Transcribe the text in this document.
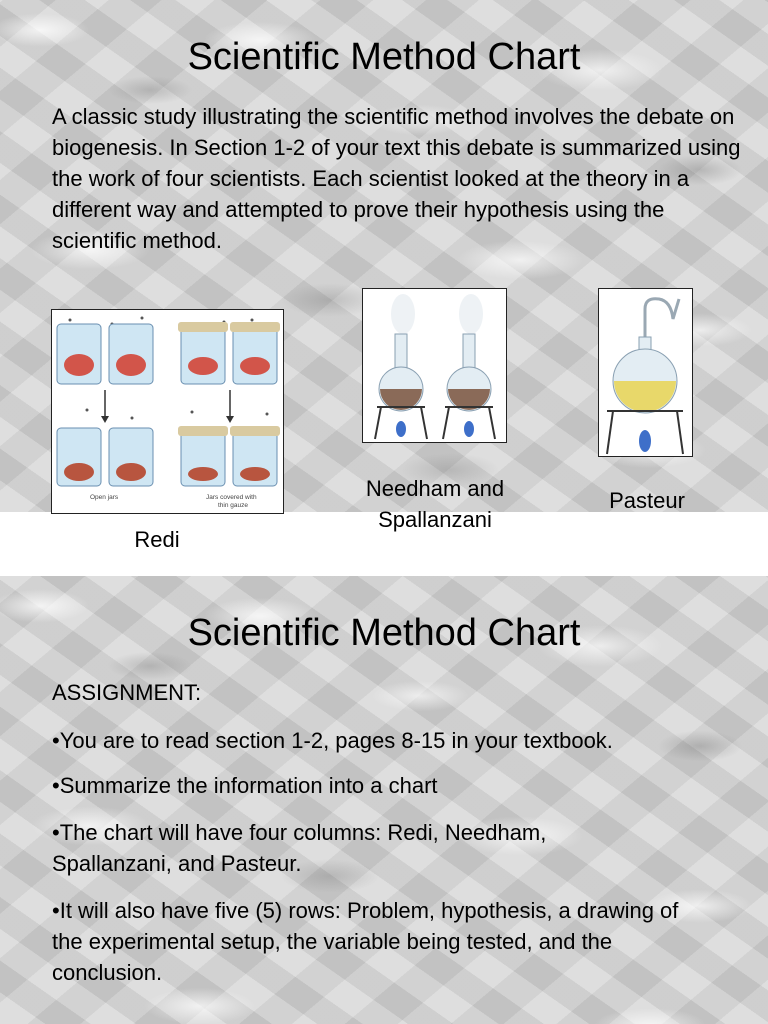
Scientific Method Chart
A classic study illustrating the scientific method involves the debate on biogenesis. In Section 1-2 of your text this debate is summarized using the work of four scientists. Each scientist looked at the theory in a different way and attempted to prove their hypothesis using the scientific method.
Open jars	Jars covered with
thin gauze
Redi
Needham and
Spallanzani
Pasteur
Scientific Method Chart
ASSIGNMENT:
•You are to read section 1-2, pages 8-15 in your textbook.
•Summarize the information into a chart
•The chart will have four columns: Redi, Needham, Spallanzani, and Pasteur.
•It will also have five (5) rows: Problem, hypothesis, a drawing of the experimental setup, the variable being tested, and the conclusion.
